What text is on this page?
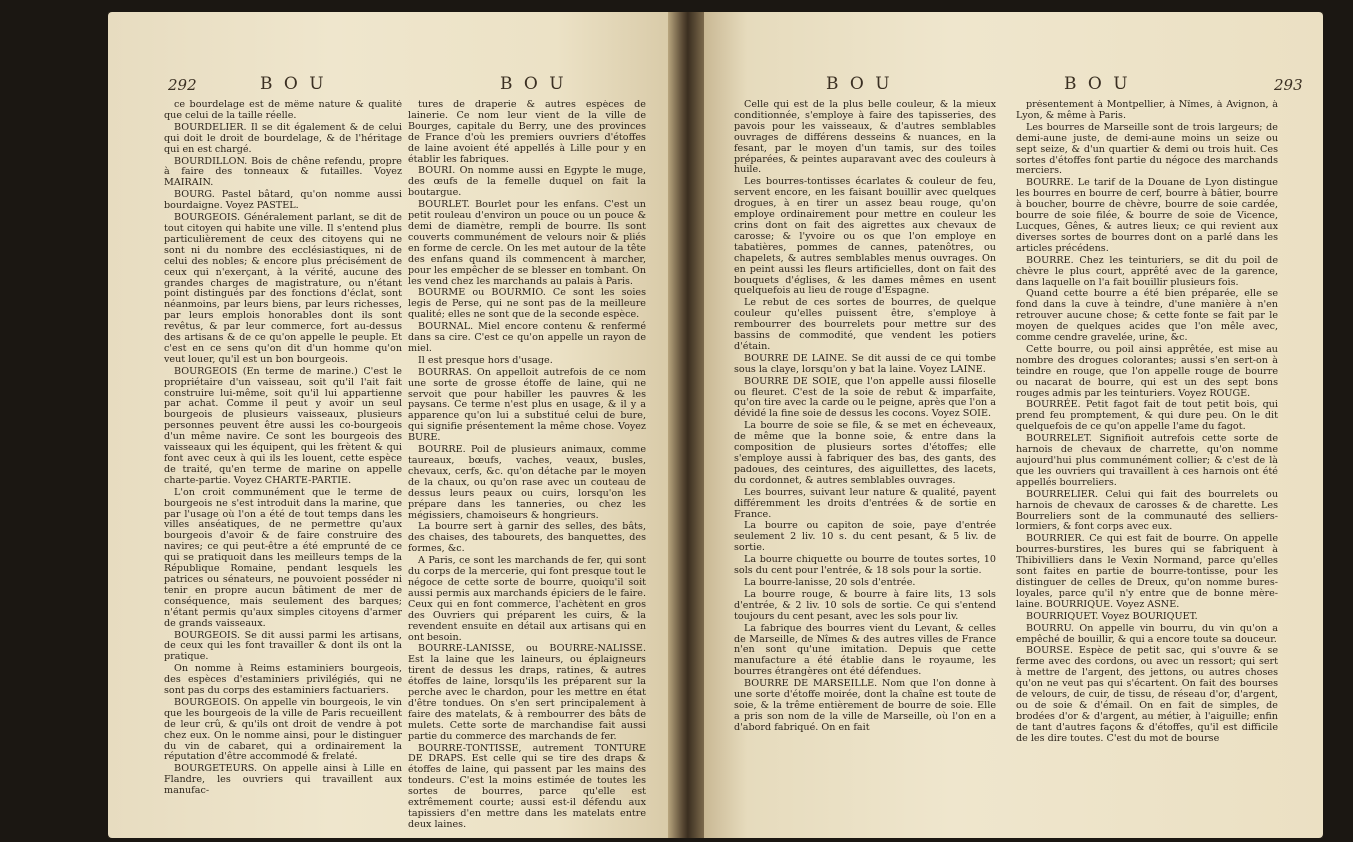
292	B O U	B O U

ce bourdelage est de même nature & qualité que celui de la taille réelle.

BOURDELIER. Il se dit également & de celui qui doit le droit de bourdelage, & de l'héritage qui en est chargé.

BOURDILLON. Bois de chêne refendu, propre à faire des tonneaux & futailles. Voyez MAIRAIN.

BOURG. Pastel bâtard, qu'on nomme aussi bourdaigne. Voyez PASTEL.

BOURGEOIS. Généralement parlant, se dit de tout citoyen qui habite une ville. Il s'entend plus particulièrement de ceux des citoyens qui ne sont ni du nombre des ecclésiastiques, ni de celui des nobles; & encore plus précisément de ceux qui n'exerçant, à la vérité, aucune des grandes charges de magistrature, ou n'étant point distingués par des fonctions d'éclat, sont néanmoins, par leurs biens, par leurs richesses, par leurs emplois honorables dont ils sont revêtus, & par leur commerce, fort au-dessus des artisans & de ce qu'on appelle le peuple. Et c'est en ce sens qu'on dit d'un homme qu'on veut louer, qu'il est un bon bourgeois.

BOURGEOIS (En terme de marine.) C'est le propriétaire d'un vaisseau, soit qu'il l'ait fait construire lui-même, soit qu'il lui appartienne par achat. Comme il peut y avoir un seul bourgeois de plusieurs vaisseaux, plusieurs personnes peuvent être aussi les co-bourgeois d'un même navire. Ce sont les bourgeois des vaisseaux qui les équipent, qui les frètent & qui font avec ceux à qui ils les louent, cette espèce de traité, qu'en terme de marine on appelle charte-partie. Voyez CHARTE-PARTIE.

L'on croit communément que le terme de bourgeois ne s'est introduit dans la marine, que par l'usage où l'on a été de tout temps dans les villes anséatiques, de ne permettre qu'aux bourgeois d'avoir & de faire construire des navires; ce qui peut-être a été emprunté de ce qui se pratiquoit dans les meilleurs temps de la République Romaine, pendant lesquels les patrices ou sénateurs, ne pouvoient posséder ni tenir en propre aucun bâtiment de mer de conséquence, mais seulement des barques; n'étant permis qu'aux simples citoyens d'armer de grands vaisseaux.

BOURGEOIS. Se dit aussi parmi les artisans, de ceux qui les font travailler & dont ils ont la pratique.

On nomme à Reims estaminiers bourgeois, des espèces d'estaminiers privilégiés, qui ne sont pas du corps des estaminiers factuariers.

BOURGEOIS. On appelle vin bourgeois, le vin que les bourgeois de la ville de Paris recueillent de leur crû, & qu'ils ont droit de vendre à pot chez eux. On le nomme ainsi, pour le distinguer du vin de cabaret, qui a ordinairement la réputation d'être accommodé & frelaté.

BOURGETEURS. On appelle ainsi à Lille en Flandre, les ouvriers qui travaillent aux manufac-

tures de draperie & autres espèces de lainerie. Ce nom leur vient de la ville de Bourges, capitale du Berry, une des provinces de France d'où les premiers ouvriers d'étoffes de laine avoient été appellés à Lille pour y en établir les fabriques.

BOURI. On nomme aussi en Egypte le muge, des œufs de la femelle duquel on fait la boutargue.

BOURLET. Bourlet pour les enfans. C'est un petit rouleau d'environ un pouce ou un pouce & demi de diamètre, rempli de bourre. Ils sont couverts communément de velours noir & pliés en forme de cercle. On les met autour de la tête des enfans quand ils commencent à marcher, pour les empêcher de se blesser en tombant. On les vend chez les marchands au palais à Paris.

BOURME ou BOURMIO. Ce sont les soies legis de Perse, qui ne sont pas de la meilleure qualité; elles ne sont que de la seconde espèce.

BOURNAL. Miel encore contenu & renfermé dans sa cire. C'est ce qu'on appelle un rayon de miel.

Il est presque hors d'usage.

BOURRAS. On appelloit autrefois de ce nom une sorte de grosse étoffe de laine, qui ne servoit que pour habiller les pauvres & les paysans. Ce terme n'est plus en usage, & il y a apparence qu'on lui a substitué celui de bure, qui signifie présentement la même chose. Voyez BURE.

BOURRE. Poil de plusieurs animaux, comme taureaux, bœufs, vaches, veaux, busles, chevaux, cerfs, &c. qu'on détache par le moyen de la chaux, ou qu'on rase avec un couteau de dessus leurs peaux ou cuirs, lorsqu'on les prépare dans les tanneries, ou chez les mégissiers, chamoiseurs & hongrieurs.

La bourre sert à garnir des selles, des bâts, des chaises, des tabourets, des banquettes, des formes, &c.

A Paris, ce sont les marchands de fer, qui sont du corps de la mercerie, qui font presque tout le négoce de cette sorte de bourre, quoiqu'il soit aussi permis aux marchands épiciers de le faire. Ceux qui en font commerce, l'achètent en gros des Ouvriers qui préparent les cuirs, & la revendent ensuite en détail aux artisans qui en ont besoin.

BOURRE-LANISSE, ou BOURRE-NALISSE. Est la laine que les laineurs, ou éplaigneurs tirent de dessus les draps, ratines, & autres étoffes de laine, lorsqu'ils les préparent sur la perche avec le chardon, pour les mettre en état d'être tondues. On s'en sert principalement à faire des matelats, & à rembourrer des bâts de mulets. Cette sorte de marchandise fait aussi partie du commerce des marchands de fer.

BOURRE-TONTISSE, autrement TONTURE DE DRAPS. Est celle qui se tire des draps & étoffes de laine, qui passent par les mains des tondeurs. C'est la moins estimée de toutes les sortes de bourres, parce qu'elle est extrêmement courte; aussi est-il défendu aux tapissiers d'en mettre dans les matelats entre deux laines.

B O U	B O U	293

Celle qui est de la plus belle couleur, & la mieux conditionnée, s'employe à faire des tapisseries, des pavois pour les vaisseaux, & d'autres semblables ouvrages de différens desseins & nuances, en la fesant, par le moyen d'un tamis, sur des toiles préparées, & peintes auparavant avec des couleurs à huile.

Les bourres-tontisses écarlates & couleur de feu, servent encore, en les faisant bouillir avec quelques drogues, à en tirer un assez beau rouge, qu'on employe ordinairement pour mettre en couleur les crins dont on fait des aigrettes aux chevaux de carosse; & l'yvoire ou os que l'on employe en tabatières, pommes de cannes, patenôtres, ou chapelets, & autres semblables menus ouvrages. On en peint aussi les fleurs artificielles, dont on fait des bouquets d'églises, & les dames mêmes en usent quelquefois au lieu de rouge d'Espagne.

Le rebut de ces sortes de bourres, de quelque couleur qu'elles puissent être, s'employe à rembourrer des bourrelets pour mettre sur des bassins de commodité, que vendent les potiers d'étain.

BOURRE DE LAINE. Se dit aussi de ce qui tombe sous la claye, lorsqu'on y bat la laine. Voyez LAINE.

BOURRE DE SOIE, que l'on appelle aussi filoselle ou fleuret. C'est de la soie de rebut & imparfaite, qu'on tire avec la carde ou le peigne, après que l'on a dévidé la fine soie de dessus les cocons. Voyez SOIE.

La bourre de soie se file, & se met en écheveaux, de même que la bonne soie, & entre dans la composition de plusieurs sortes d'étoffes; elle s'employe aussi à fabriquer des bas, des gants, des padoues, des ceintures, des aiguillettes, des lacets, du cordonnet, & autres semblables ouvrages.

Les bourres, suivant leur nature & qualité, payent différemment les droits d'entrées & de sortie en France.

La bourre ou capiton de soie, paye d'entrée seulement 2 liv. 10 s. du cent pesant, & 5 liv. de sortie.

La bourre chiquette ou bourre de toutes sortes, 10 sols du cent pour l'entrée, & 18 sols pour la sortie.

La bourre-lanisse, 20 sols d'entrée.

La bourre rouge, & bourre à faire lits, 13 sols d'entrée, & 2 liv. 10 sols de sortie. Ce qui s'entend toujours du cent pesant, avec les sols pour liv.

La fabrique des bourres vient du Levant, & celles de Marseille, de Nîmes & des autres villes de France n'en sont qu'une imitation. Depuis que cette manufacture a été établie dans le royaume, les bourres étrangères ont été défendues.

BOURRE DE MARSEILLE. Nom que l'on donne à une sorte d'étoffe moirée, dont la chaîne est toute de soie, & la trême entièrement de bourre de soie. Elle a pris son nom de la ville de Marseille, où l'on en a d'abord fabriqué. On en fait

présentement à Montpellier, à Nîmes, à Avignon, à Lyon, & même à Paris.

Les bourres de Marseille sont de trois largeurs; de demi-aune juste, de demi-aune moins un seize ou sept seize, & d'un quartier & demi ou trois huit. Ces sortes d'étoffes font partie du négoce des marchands merciers.

BOURRE. Le tarif de la Douane de Lyon distingue les bourres en bourre de cerf, bourre à bâtier, bourre à boucher, bourre de chèvre, bourre de soie cardée, bourre de soie filée, & bourre de soie de Vicence, Lucques, Gênes, & autres lieux; ce qui revient aux diverses sortes de bourres dont on a parlé dans les articles précédens.

BOURRE. Chez les teinturiers, se dit du poil de chèvre le plus court, apprêté avec de la garence, dans laquelle on l'a fait bouillir plusieurs fois.

Quand cette bourre a été bien préparée, elle se fond dans la cuve à teindre, d'une manière à n'en retrouver aucune chose; & cette fonte se fait par le moyen de quelques acides que l'on mêle avec, comme cendre gravelée, urine, &c.

Cette bourre, ou poil ainsi apprêtée, est mise au nombre des drogues colorantes; aussi s'en sert-on à teindre en rouge, que l'on appelle rouge de bourre ou nacarat de bourre, qui est un des sept bons rouges admis par les teinturiers. Voyez ROUGE.

BOURRÉE. Petit fagot fait de tout petit bois, qui prend feu promptement, & qui dure peu. On le dit quelquefois de ce qu'on appelle l'ame du fagot.

BOURRELET. Signifioit autrefois cette sorte de harnois de chevaux de charrette, qu'on nomme aujourd'hui plus communément collier; & c'est de là que les ouvriers qui travaillent à ces harnois ont été appellés bourreliers.

BOURRELIER. Celui qui fait des bourrelets ou harnois de chevaux de carosses & de charette. Les Bourreliers sont de la communauté des selliers-lormiers, & font corps avec eux.

BOURRIER. Ce qui est fait de bourre. On appelle bourres-burstires, les bures qui se fabriquent à Thibivilliers dans le Vexin Normand, parce qu'elles sont faites en partie de bourre-tontisse, pour les distinguer de celles de Dreux, qu'on nomme bures-loyales, parce qu'il n'y entre que de bonne mère-laine. BOURRIQUE. Voyez ASNE.

BOURRIQUET. Voyez BOURIQUET.

BOURRU. On appelle vin bourru, du vin qu'on a empêché de bouillir, & qui a encore toute sa douceur.

BOURSE. Espèce de petit sac, qui s'ouvre & se ferme avec des cordons, ou avec un ressort; qui sert à mettre de l'argent, des jettons, ou autres choses qu'on ne veut pas qui s'écartent. On fait des bourses de velours, de cuir, de tissu, de réseau d'or, d'argent, ou de soie & d'émail. On en fait de simples, de brodées d'or & d'argent, au métier, à l'aiguille; enfin de tant d'autres façons & d'étoffes, qu'il est difficile de les dire toutes. C'est du mot de bourse
